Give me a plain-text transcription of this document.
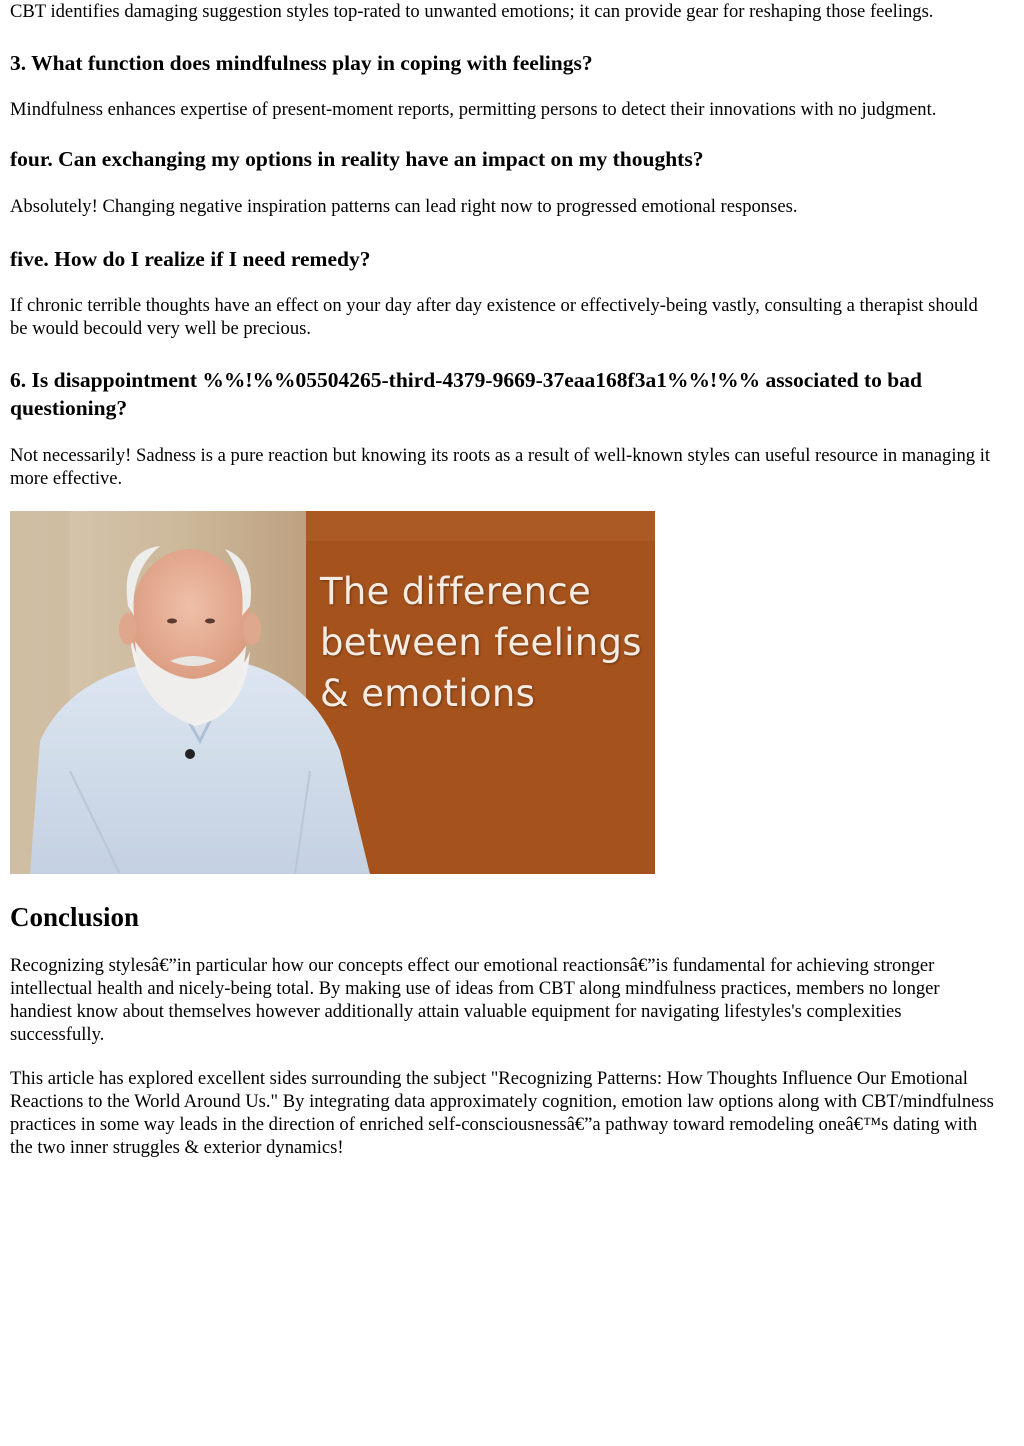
CBT identifies damaging suggestion styles top-rated to unwanted emotions; it can provide gear for reshaping those feelings.

3. What function does mindfulness play in coping with feelings?

Mindfulness enhances expertise of present-moment reports, permitting persons to detect their innovations with no judgment.

four. Can exchanging my options in reality have an impact on my thoughts?

Absolutely! Changing negative inspiration patterns can lead right now to progressed emotional responses.

five. How do I realize if I need remedy?

If chronic terrible thoughts have an effect on your day after day existence or effectively-being vastly, consulting a therapist should be would becould very well be precious.

6. Is disappointment %%!%%05504265-third-4379-9669-37eaa168f3a1%%!%% associated to bad questioning?

Not necessarily! Sadness is a pure reaction but knowing its roots as a result of well-known styles can useful resource in managing it more effective.

The difference
between feelings
& emotions
Conclusion

Recognizing stylesâ€”in particular how our concepts effect our emotional reactionsâ€”is fundamental for achieving stronger intellectual health and nicely-being total. By making use of ideas from CBT along mindfulness practices, members no longer handiest know about themselves however additionally attain valuable equipment for navigating lifestyles's complexities successfully.

This article has explored excellent sides surrounding the subject "Recognizing Patterns: How Thoughts Influence Our Emotional Reactions to the World Around Us." By integrating data approximately cognition, emotion law options along with CBT/mindfulness practices in some way leads in the direction of enriched self-consciousnessâ€”a pathway toward remodeling oneâ€™s dating with the two inner struggles & exterior dynamics!
